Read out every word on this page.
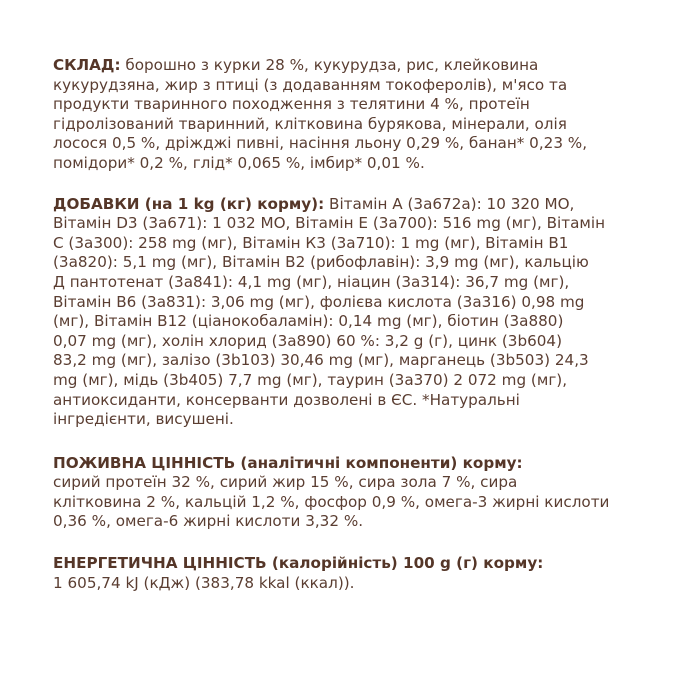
СКЛАД: борошно з курки 28 %, кукурудза, рис, клейковина
кукурудзяна, жир з птиці (з додаванням токоферолів), м'ясо та
продукти тваринного походження з телятини 4 %, протеїн
гідролізований тваринний, клітковина бурякова, мінерали, олія
лосося 0,5 %, дріжджі пивні, насіння льону 0,29 %, банан* 0,23 %,
помідори* 0,2 %, глід* 0,065 %, імбир* 0,01 %.

ДОБАВКИ (на 1 kg (кг) корму): Вітамін А (3а672а): 10 320 МО,
Вітамін D3 (3а671): 1 032 МО, Вітамін Е (3а700): 516 mg (мг), Вітамін
С (3а300): 258 mg (мг), Вітамін К3 (3а710): 1 mg (мг), Вітамін В1
(3а820): 5,1 mg (мг), Вітамін В2 (рибофлавін): 3,9 mg (мг), кальцію
Д пантотенат (3а841): 4,1 mg (мг), ніацин (3а314): 36,7 mg (мг),
Вітамін В6 (3а831): 3,06 mg (мг), фолієва кислота (3а316) 0,98 mg
(мг), Вітамін В12 (ціанокобаламін): 0,14 mg (мг), біотин (3а880)
0,07 mg (мг), холін хлорид (3а890) 60 %: 3,2 g (г), цинк (3b604)
83,2 mg (мг), залізо (3b103) 30,46 mg (мг), марганець (3b503) 24,3
mg (мг), мідь (3b405) 7,7 mg (мг), таурин (3а370) 2 072 mg (мг),
антиоксиданти, консерванти дозволені в ЄС. *Натуральні
інгредієнти, висушені.

ПОЖИВНА ЦІННІСТЬ (аналітичні компоненти) корму:
сирий протеїн 32 %, сирий жир 15 %, сира зола 7 %, сира
клітковина 2 %, кальцій 1,2 %, фосфор 0,9 %, омега-3 жирні кислоти
0,36 %, омега-6 жирні кислоти 3,32 %.

ЕНЕРГЕТИЧНА ЦІННІСТЬ (калорійність) 100 g (г) корму:
1 605,74 kJ (кДж) (383,78 kkal (ккал)).
